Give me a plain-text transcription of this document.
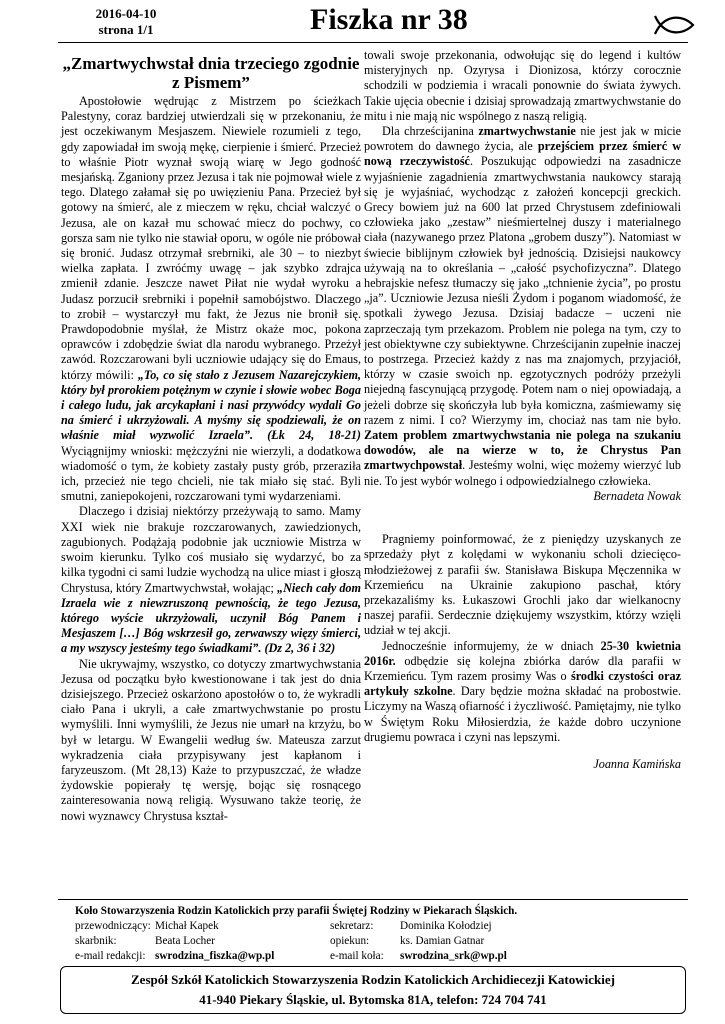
2016-04-10
strona 1/1	Fiszka nr 38
„Zmartwychwstał dnia trzeciego zgodnie z Pismem”

Apostołowie wędrując z Mistrzem po ścieżkach Palestyny, coraz bardziej utwierdzali się w przekonaniu, że jest oczekiwanym Mesjaszem. Niewiele rozumieli z tego, gdy zapowiadał im swoją mękę, cierpienie i śmierć. Przecież to właśnie Piotr wyznał swoją wiarę w Jego godność mesjańską. Zganiony przez Jezusa i tak nie pojmował wiele z tego. Dlatego załamał się po uwięzieniu Pana. Przecież był gotowy na śmierć, ale z mieczem w ręku, chciał walczyć o Jezusa, ale on kazał mu schować miecz do pochwy, co gorsza sam nie tylko nie stawiał oporu, w ogóle nie próbował się bronić. Judasz otrzymał srebrniki, ale 30 – to niezbyt wielka zapłata. I zwróćmy uwagę – jak szybko zdrajca zmienił zdanie. Jeszcze nawet Piłat nie wydał wyroku a Judasz porzucił srebrniki i popełnił samobójstwo. Dlaczego to zrobił – wystarczył mu fakt, że Jezus nie bronił się. Prawdopodobnie myślał, że Mistrz okaże moc, pokona oprawców i zdobędzie świat dla narodu wybranego. Przeżył zawód. Rozczarowani byli uczniowie udający się do Emaus, którzy mówili: „To, co się stało z Jezusem Nazarejczykiem, który był prorokiem potężnym w czynie i słowie wobec Boga i całego ludu, jak arcykapłani i nasi przywódcy wydali Go na śmierć i ukrzyżowali. A myśmy się spodziewali, że on właśnie miał wyzwolić Izraela”. (Łk 24, 18-21) Wyciągnijmy wnioski: mężczyźni nie wierzyli, a dodatkowa wiadomość o tym, że kobiety zastały pusty grób, przeraziła ich, przecież nie tego chcieli, nie tak miało się stać. Byli smutni, zaniepokojeni, rozczarowani tymi wydarzeniami.

Dlaczego i dzisiaj niektórzy przeżywają to samo. Mamy XXI wiek nie brakuje rozczarowanych, zawiedzionych, zagubionych. Podążają podobnie jak uczniowie Mistrza w swoim kierunku. Tylko coś musiało się wydarzyć, bo za kilka tygodni ci sami ludzie wychodzą na ulice miast i głoszą Chrystusa, który Zmartwychwstał, wołając; „Niech cały dom Izraela wie z niewzruszoną pewnością, że tego Jezusa, którego wyście ukrzyżowali, uczynił Bóg Panem i Mesjaszem […] Bóg wskrzesił go, zerwawszy więzy śmierci, a my wszyscy jesteśmy tego świadkami”. (Dz 2, 36 i 32)

Nie ukrywajmy, wszystko, co dotyczy zmartwychwstania Jezusa od początku było kwestionowane i tak jest do dnia dzisiejszego. Przecież oskarżono apostołów o to, że wykradli ciało Pana i ukryli, a całe zmartwychwstanie po prostu wymyślili. Inni wymyślili, że Jezus nie umarł na krzyżu, bo był w letargu. W Ewangelii według św. Mateusza zarzut wykradzenia ciała przypisywany jest kapłanom i faryzeuszom. (Mt 28,13) Każe to przypuszczać, że władze żydowskie popierały tę wersję, bojąc się rosnącego zainteresowania nową religią. Wysuwano także teorię, że nowi wyznawcy Chrystusa kształ-

towali swoje przekonania, odwołując się do legend i kultów misteryjnych np. Ozyrysa i Dionizosa, którzy corocznie schodzili w podziemia i wracali ponownie do świata żywych. Takie ujęcia obecnie i dzisiaj sprowadzają zmartwychwstanie do mitu i nie mają nic wspólnego z naszą religią.

Dla chrześcijanina zmartwychwstanie nie jest jak w micie powrotem do dawnego życia, ale przejściem przez śmierć w nową rzeczywistość. Poszukując odpowiedzi na zasadnicze wyjaśnienie zagadnienia zmartwychwstania naukowcy starają się je wyjaśniać, wychodząc z założeń koncepcji greckich. Grecy bowiem już na 600 lat przed Chrystusem zdefiniowali człowieka jako „zestaw” nieśmiertelnej duszy i materialnego ciała (nazywanego przez Platona „grobem duszy”). Natomiast w świecie biblijnym człowiek był jednością. Dzisiejsi naukowcy używają na to określania – „całość psychofizyczna”. Dlatego hebrajskie nefesz tłumaczy się jako „tchnienie życia”, po prostu „ja”. Uczniowie Jezusa nieśli Żydom i poganom wiadomość, że spotkali żywego Jezusa. Dzisiaj badacze – uczeni nie zaprzeczają tym przekazom. Problem nie polega na tym, czy to jest obiektywne czy subiektywne. Chrześcijanin zupełnie inaczej to postrzega. Przecież każdy z nas ma znajomych, przyjaciół, którzy w czasie swoich np. egzotycznych podróży przeżyli niejedną fascynującą przygodę. Potem nam o niej opowiadają, a jeżeli dobrze się skończyła lub była komiczna, zaśmiewamy się razem z nimi. I co? Wierzymy im, chociaż nas tam nie było. Zatem problem zmartwychwstania nie polega na szukaniu dowodów, ale na wierze w to, że Chrystus Pan zmartwychpowstał. Jesteśmy wolni, więc możemy wierzyć lub nie. To jest wybór wolnego i odpowiedzialnego człowieka.

Bernadeta Nowak

Pragniemy poinformować, że z pieniędzy uzyskanych ze sprzedaży płyt z kolędami w wykonaniu scholi dziecięco-młodzieżowej z parafii św. Stanisława Biskupa Męczennika w Krzemieńcu na Ukrainie zakupiono paschał, który przekazaliśmy ks. Łukaszowi Grochli jako dar wielkanocny naszej parafii. Serdecznie dziękujemy wszystkim, którzy wzięli udział w tej akcji.

Jednocześnie informujemy, że w dniach 25-30 kwietnia 2016r. odbędzie się kolejna zbiórka darów dla parafii w Krzemieńcu. Tym razem prosimy Was o środki czystości oraz artykuły szkolne. Dary będzie można składać na probostwie. Liczymy na Waszą ofiarność i życzliwość. Pamiętajmy, nie tylko w Świętym Roku Miłosierdzia, że każde dobro uczynione drugiemu powraca i czyni nas lepszymi.

Joanna Kamińska

Koło Stowarzyszenia Rodzin Katolickich przy parafii Świętej Rodziny w Piekarach Śląskich.
przewodniczący: Michał Kapek	sekretarz:	Dominika Kołodziej
skarbnik:	Beata Locher	opiekun:	ks. Damian Gatnar
e-mail redakcji: swrodzina_fiszka@wp.pl	e-mail koła:	swrodzina_srk@wp.pl
Zespół Szkół Katolickich Stowarzyszenia Rodzin Katolickich Archidiecezji Katowickiej
41-940 Piekary Śląskie, ul. Bytomska 81A, telefon: 724 704 741
